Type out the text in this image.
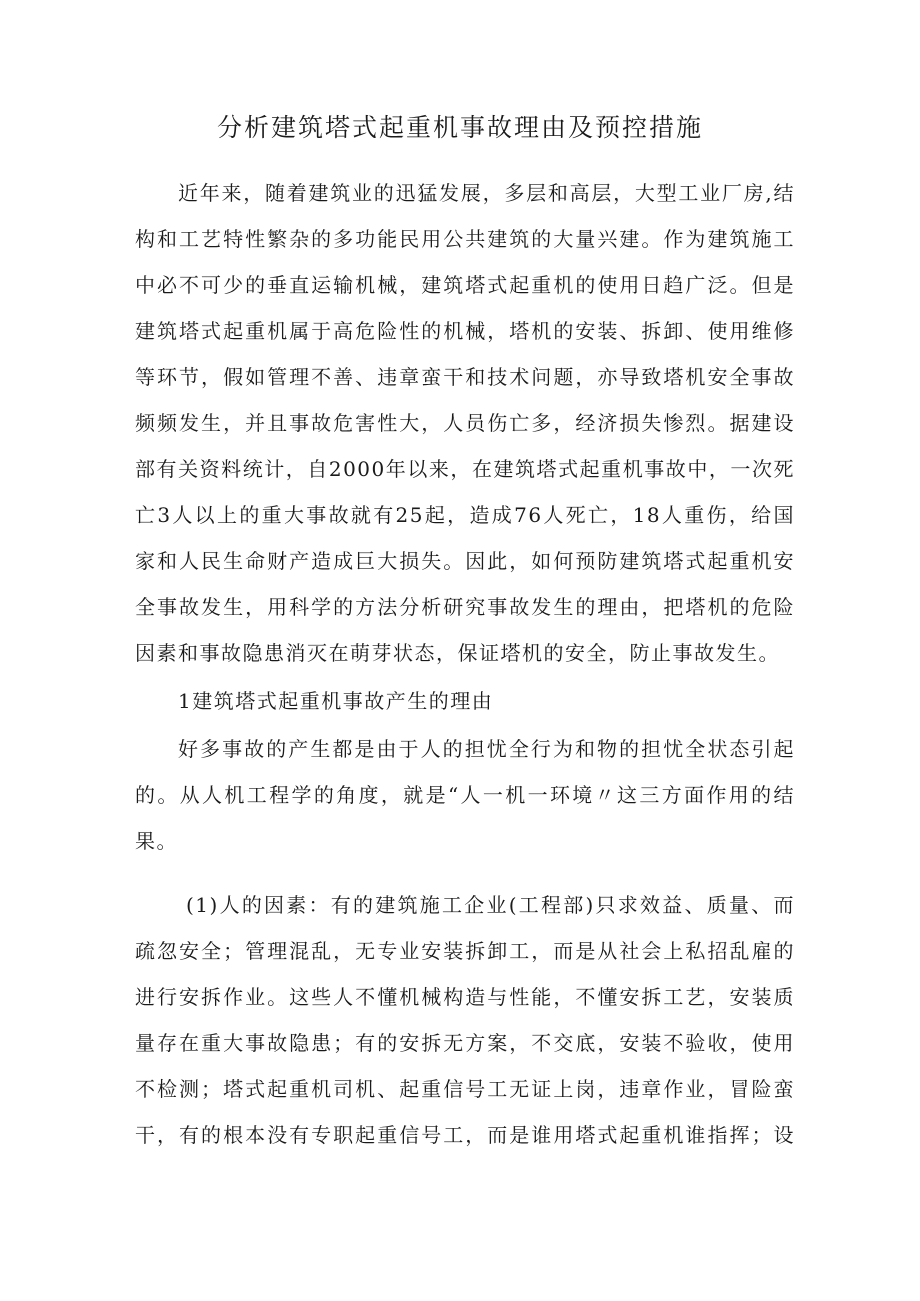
分析建筑塔式起重机事故理由及预控措施
近年来，随着建筑业的迅猛发展，多层和高层，大型工业厂房,结
构和工艺特性繁杂的多功能民用公共建筑的大量兴建。作为建筑施工
中必不可少的垂直运输机械，建筑塔式起重机的使用日趋广泛。但是
建筑塔式起重机属于高危险性的机械，塔机的安装、拆卸、使用维修
等环节，假如管理不善、违章蛮干和技术问题，亦导致塔机安全事故
频频发生，并且事故危害性大，人员伤亡多，经济损失惨烈。据建设
部有关资料统计，自2000年以来，在建筑塔式起重机事故中，一次死
亡3人以上的重大事故就有25起，造成76人死亡，18人重伤，给国
家和人民生命财产造成巨大损失。因此，如何预防建筑塔式起重机安
全事故发生，用科学的方法分析研究事故发生的理由，把塔机的危险
因素和事故隐患消灭在萌芽状态，保证塔机的安全，防止事故发生。
1建筑塔式起重机事故产生的理由
好多事故的产生都是由于人的担忧全行为和物的担忧全状态引起
的。从人机工程学的角度，就是“人一机一环境〃这三方面作用的结
果。
(1)人的因素：有的建筑施工企业(工程部)只求效益、质量、而
疏忽安全；管理混乱，无专业安装拆卸工，而是从社会上私招乱雇的
进行安拆作业。这些人不懂机械构造与性能，不懂安拆工艺，安装质
量存在重大事故隐患；有的安拆无方案，不交底，安装不验收，使用
不检测；塔式起重机司机、起重信号工无证上岗，违章作业，冒险蛮
干，有的根本没有专职起重信号工，而是谁用塔式起重机谁指挥；设
